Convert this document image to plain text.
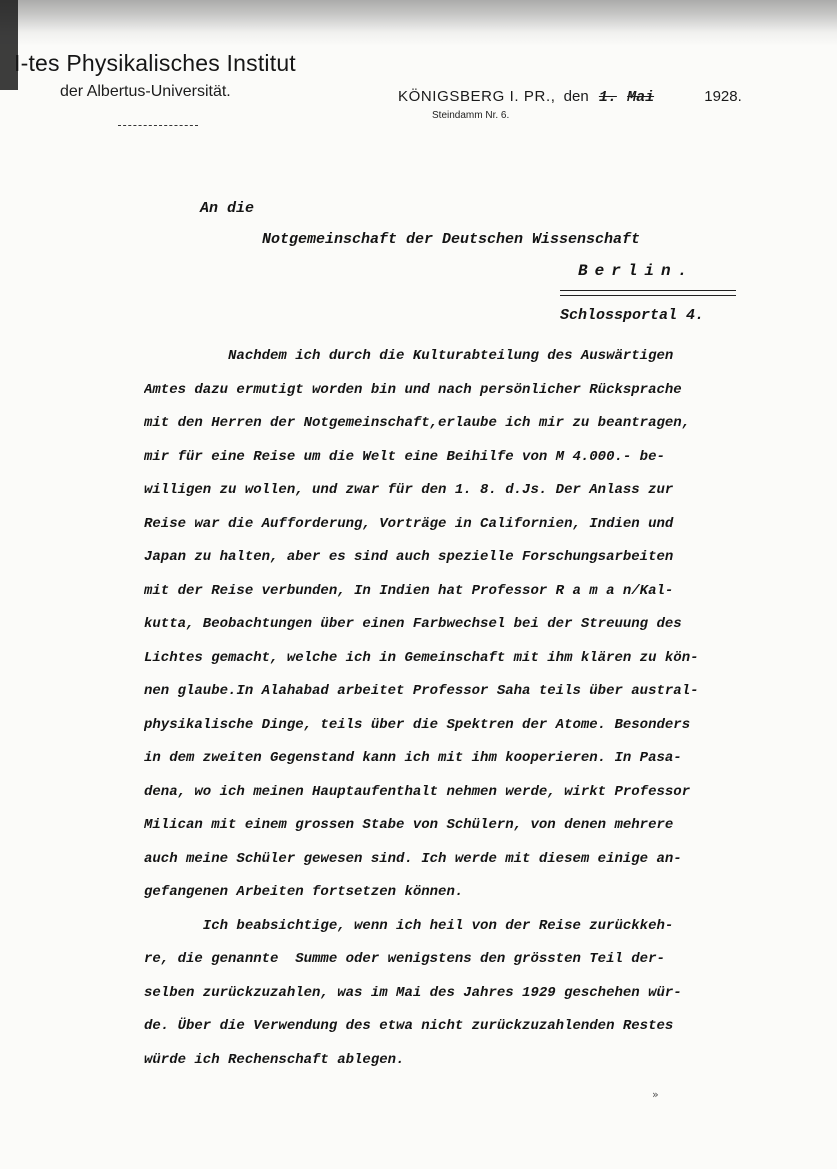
I-tes Physikalisches Institut
der Albertus-Universität.	KÖNIGSBERG I. PR., den 1. Mai	1928.
Steindamm Nr. 6.
An die
Notgemeinschaft der Deutschen Wissenschaft
Berlin.
Schlossportal 4.
Nachdem ich durch die Kulturabteilung des Auswärtigen
Amtes dazu ermutigt worden bin und nach persönlicher Rücksprache
mit den Herren der Notgemeinschaft,erlaube ich mir zu beantragen,
mir für eine Reise um die Welt eine Beihilfe von M 4.000.- be-
willigen zu wollen, und zwar für den 1. 8. d.Js. Der Anlass zur
Reise war die Aufforderung, Vorträge in Californien, Indien und
Japan zu halten, aber es sind auch spezielle Forschungsarbeiten
mit der Reise verbunden, In Indien hat Professor R a m a n/Kal-
kutta, Beobachtungen über einen Farbwechsel bei der Streuung des
Lichtes gemacht, welche ich in Gemeinschaft mit ihm klären zu kön-
nen glaube.In Alahabad arbeitet Professor Saha teils über austral-
physikalische Dinge, teils über die Spektren der Atome. Besonders
in dem zweiten Gegenstand kann ich mit ihm kooperieren. In Pasa-
dena, wo ich meinen Hauptaufenthalt nehmen werde, wirkt Professor
Milican mit einem grossen Stabe von Schülern, von denen mehrere
auch meine Schüler gewesen sind. Ich werde mit diesem einige an-
gefangenen Arbeiten fortsetzen können.
Ich beabsichtige, wenn ich heil von der Reise zurückkeh-
re, die genannte  Summe oder wenigstens den grössten Teil der-
selben zurückzuzahlen, was im Mai des Jahres 1929 geschehen wür-
de. Über die Verwendung des etwa nicht zurückzuzahlenden Restes
würde ich Rechenschaft ablegen.
»
